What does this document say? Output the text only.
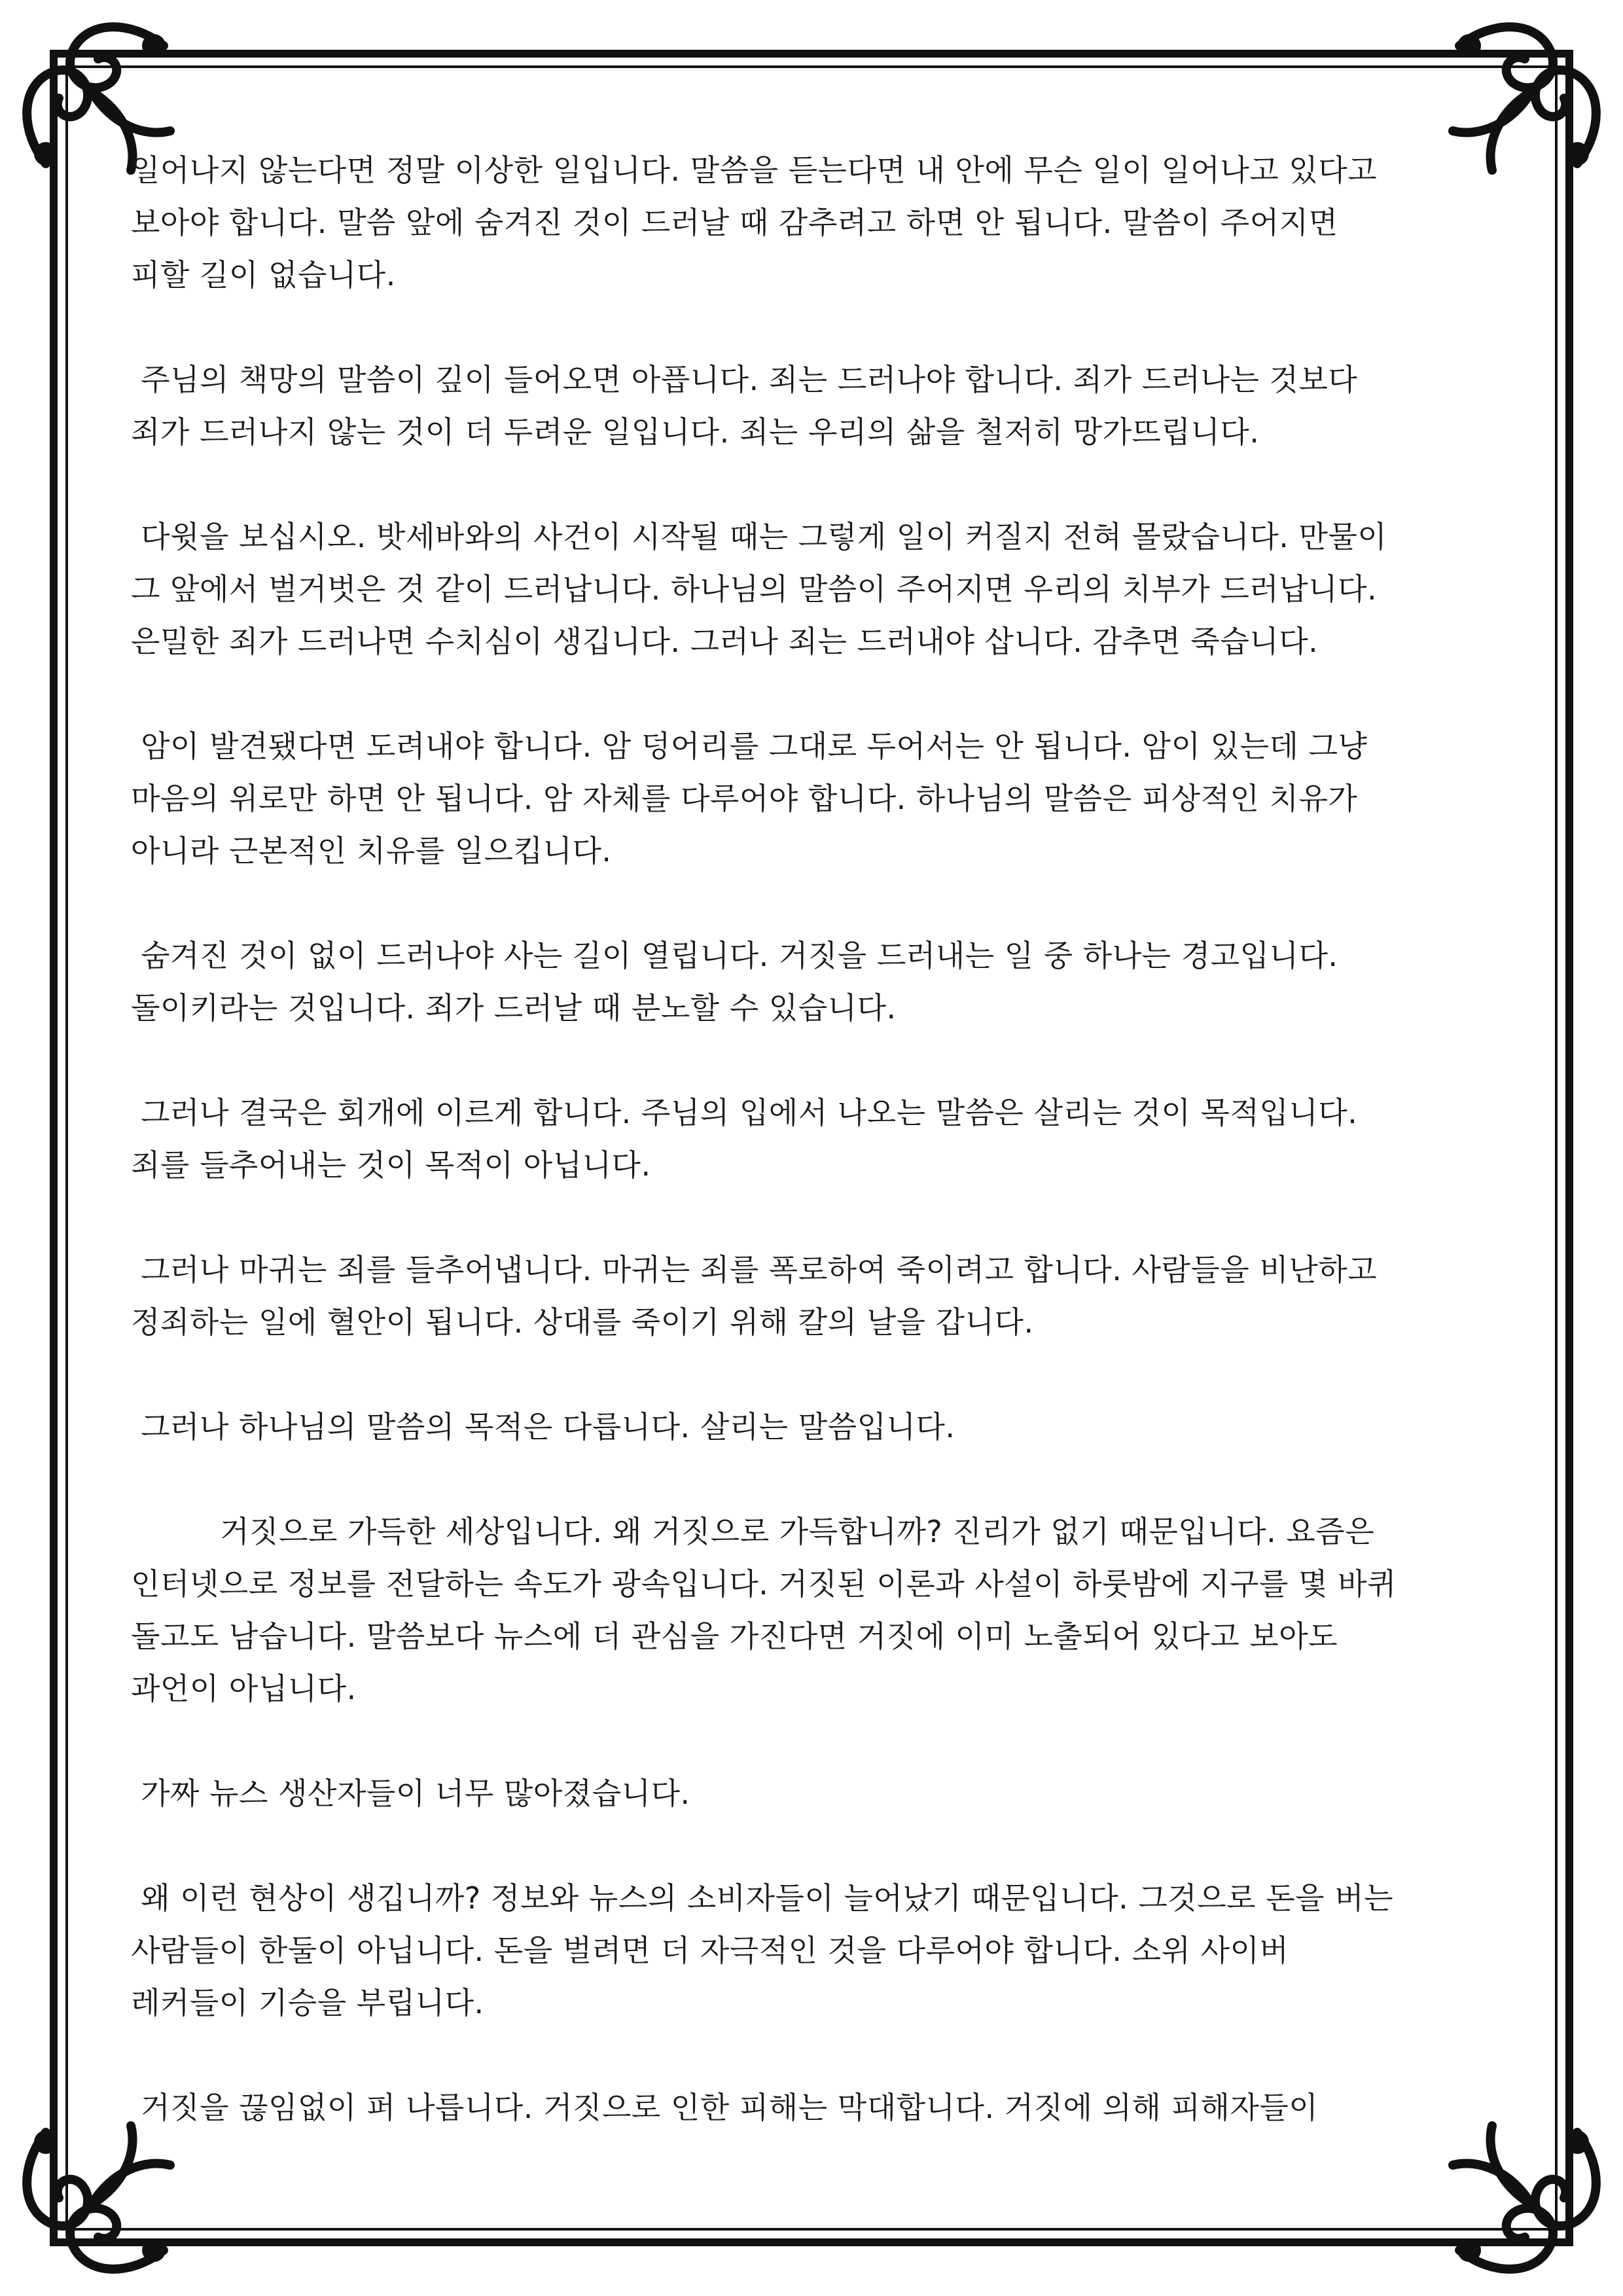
일어나지 않는다면 정말 이상한 일입니다. 말씀을 듣는다면 내 안에 무슨 일이 일어나고 있다고
보아야 합니다. 말씀 앞에 숨겨진 것이 드러날 때 감추려고 하면 안 됩니다. 말씀이 주어지면
피할 길이 없습니다.

주님의 책망의 말씀이 깊이 들어오면 아픕니다. 죄는 드러나야 합니다. 죄가 드러나는 것보다
죄가 드러나지 않는 것이 더 두려운 일입니다. 죄는 우리의 삶을 철저히 망가뜨립니다.

다윗을 보십시오. 밧세바와의 사건이 시작될 때는 그렇게 일이 커질지 전혀 몰랐습니다. 만물이
그 앞에서 벌거벗은 것 같이 드러납니다. 하나님의 말씀이 주어지면 우리의 치부가 드러납니다.
은밀한 죄가 드러나면 수치심이 생깁니다. 그러나 죄는 드러내야 삽니다. 감추면 죽습니다.

암이 발견됐다면 도려내야 합니다. 암 덩어리를 그대로 두어서는 안 됩니다. 암이 있는데 그냥
마음의 위로만 하면 안 됩니다. 암 자체를 다루어야 합니다. 하나님의 말씀은 피상적인 치유가
아니라 근본적인 치유를 일으킵니다.

숨겨진 것이 없이 드러나야 사는 길이 열립니다. 거짓을 드러내는 일 중 하나는 경고입니다.
돌이키라는 것입니다. 죄가 드러날 때 분노할 수 있습니다.

그러나 결국은 회개에 이르게 합니다. 주님의 입에서 나오는 말씀은 살리는 것이 목적입니다.
죄를 들추어내는 것이 목적이 아닙니다.

그러나 마귀는 죄를 들추어냅니다. 마귀는 죄를 폭로하여 죽이려고 합니다. 사람들을 비난하고
정죄하는 일에 혈안이 됩니다. 상대를 죽이기 위해 칼의 날을 갑니다.

그러나 하나님의 말씀의 목적은 다릅니다. 살리는 말씀입니다.

거짓으로 가득한 세상입니다. 왜 거짓으로 가득합니까? 진리가 없기 때문입니다. 요즘은
인터넷으로 정보를 전달하는 속도가 광속입니다. 거짓된 이론과 사설이 하룻밤에 지구를 몇 바퀴
돌고도 남습니다. 말씀보다 뉴스에 더 관심을 가진다면 거짓에 이미 노출되어 있다고 보아도
과언이 아닙니다.

가짜 뉴스 생산자들이 너무 많아졌습니다.

왜 이런 현상이 생깁니까? 정보와 뉴스의 소비자들이 늘어났기 때문입니다. 그것으로 돈을 버는
사람들이 한둘이 아닙니다. 돈을 벌려면 더 자극적인 것을 다루어야 합니다. 소위 사이버
레커들이 기승을 부립니다.

거짓을 끊임없이 퍼 나릅니다. 거짓으로 인한 피해는 막대합니다. 거짓에 의해 피해자들이
